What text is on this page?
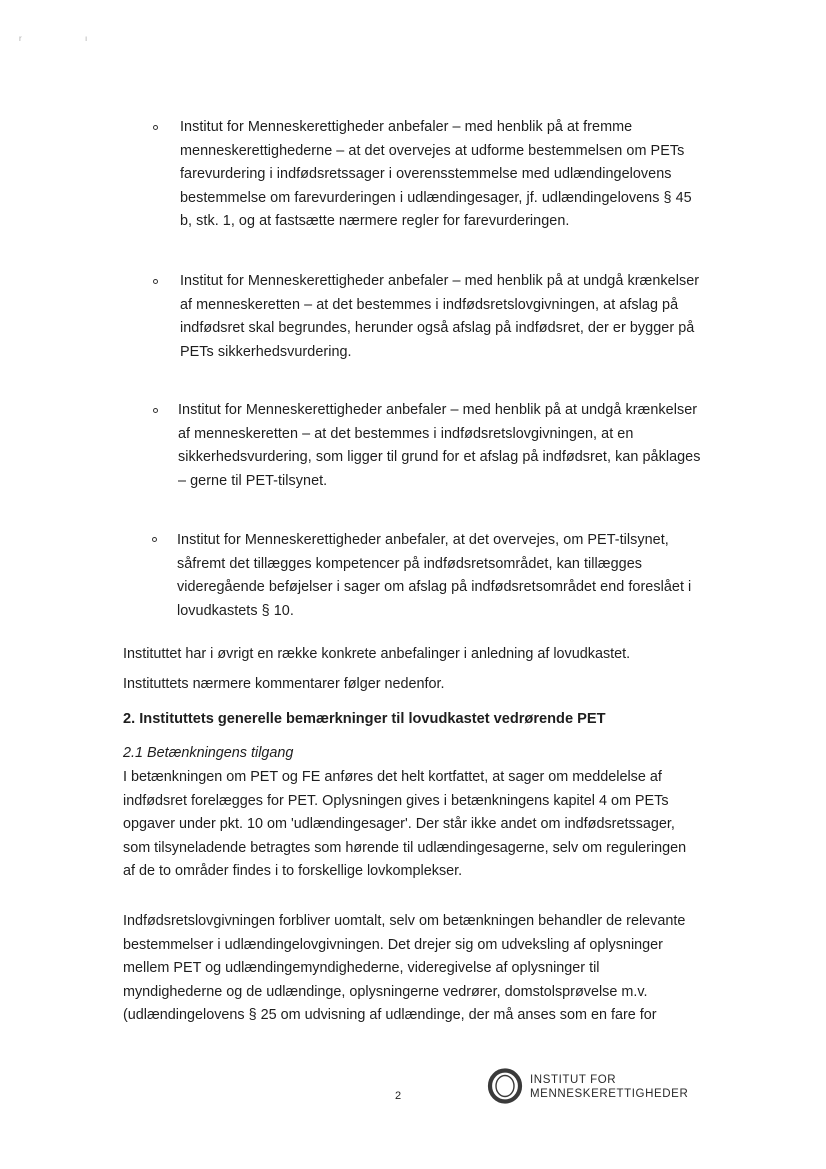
r	ı
Institut for Menneskerettigheder anbefaler – med henblik på at fremme
menneskerettighederne – at det overvejes at udforme bestemmelsen om PETs
farevurdering i indfødsretssager i overensstemmelse med udlændingelovens
bestemmelse om farevurderingen i udlændingesager, jf. udlændingelovens § 45
b, stk. 1, og at fastsætte nærmere regler for farevurderingen.
Institut for Menneskerettigheder anbefaler – med henblik på at undgå krænkelser
af menneskeretten – at det bestemmes i indfødsretslovgivningen, at afslag på
indfødsret skal begrundes, herunder også afslag på indfødsret, der er bygger på
PETs sikkerhedsvurdering.
Institut for Menneskerettigheder anbefaler – med henblik på at undgå krænkelser
af menneskeretten – at det bestemmes i indfødsretslovgivningen, at en
sikkerhedsvurdering, som ligger til grund for et afslag på indfødsret, kan påklages
– gerne til PET-tilsynet.
Institut for Menneskerettigheder anbefaler, at det overvejes, om PET-tilsynet,
såfremt det tillægges kompetencer på indfødsretsområdet, kan tillægges
videregående beføjelser i sager om afslag på indfødsretsområdet end foreslået i
lovudkastets § 10.
Instituttet har i øvrigt en række konkrete anbefalinger i anledning af lovudkastet.
Instituttets nærmere kommentarer følger nedenfor.
2. Instituttets generelle bemærkninger til lovudkastet vedrørende PET
2.1 Betænkningens tilgang
I betænkningen om PET og FE anføres det helt kortfattet, at sager om meddelelse af
indfødsret forelægges for PET. Oplysningen gives i betænkningens kapitel 4 om PETs
opgaver under pkt. 10 om 'udlændingesager'. Der står ikke andet om indfødsretssager,
som tilsyneladende betragtes som hørende til udlændingesagerne, selv om reguleringen
af de to områder findes i to forskellige lovkomplekser.
Indfødsretslovgivningen forbliver uomtalt, selv om betænkningen behandler de relevante
bestemmelser i udlændingelovgivningen. Det drejer sig om udveksling af oplysninger
mellem PET og udlændingemyndighederne, videregivelse af oplysninger til
myndighederne og de udlændinge, oplysningerne vedrører, domstolsprøvelse m.v.
(udlændingelovens § 25 om udvisning af udlændinge, der må anses som en fare for
2
INSTITUT FOR
MENNESKERETTIGHEDER
